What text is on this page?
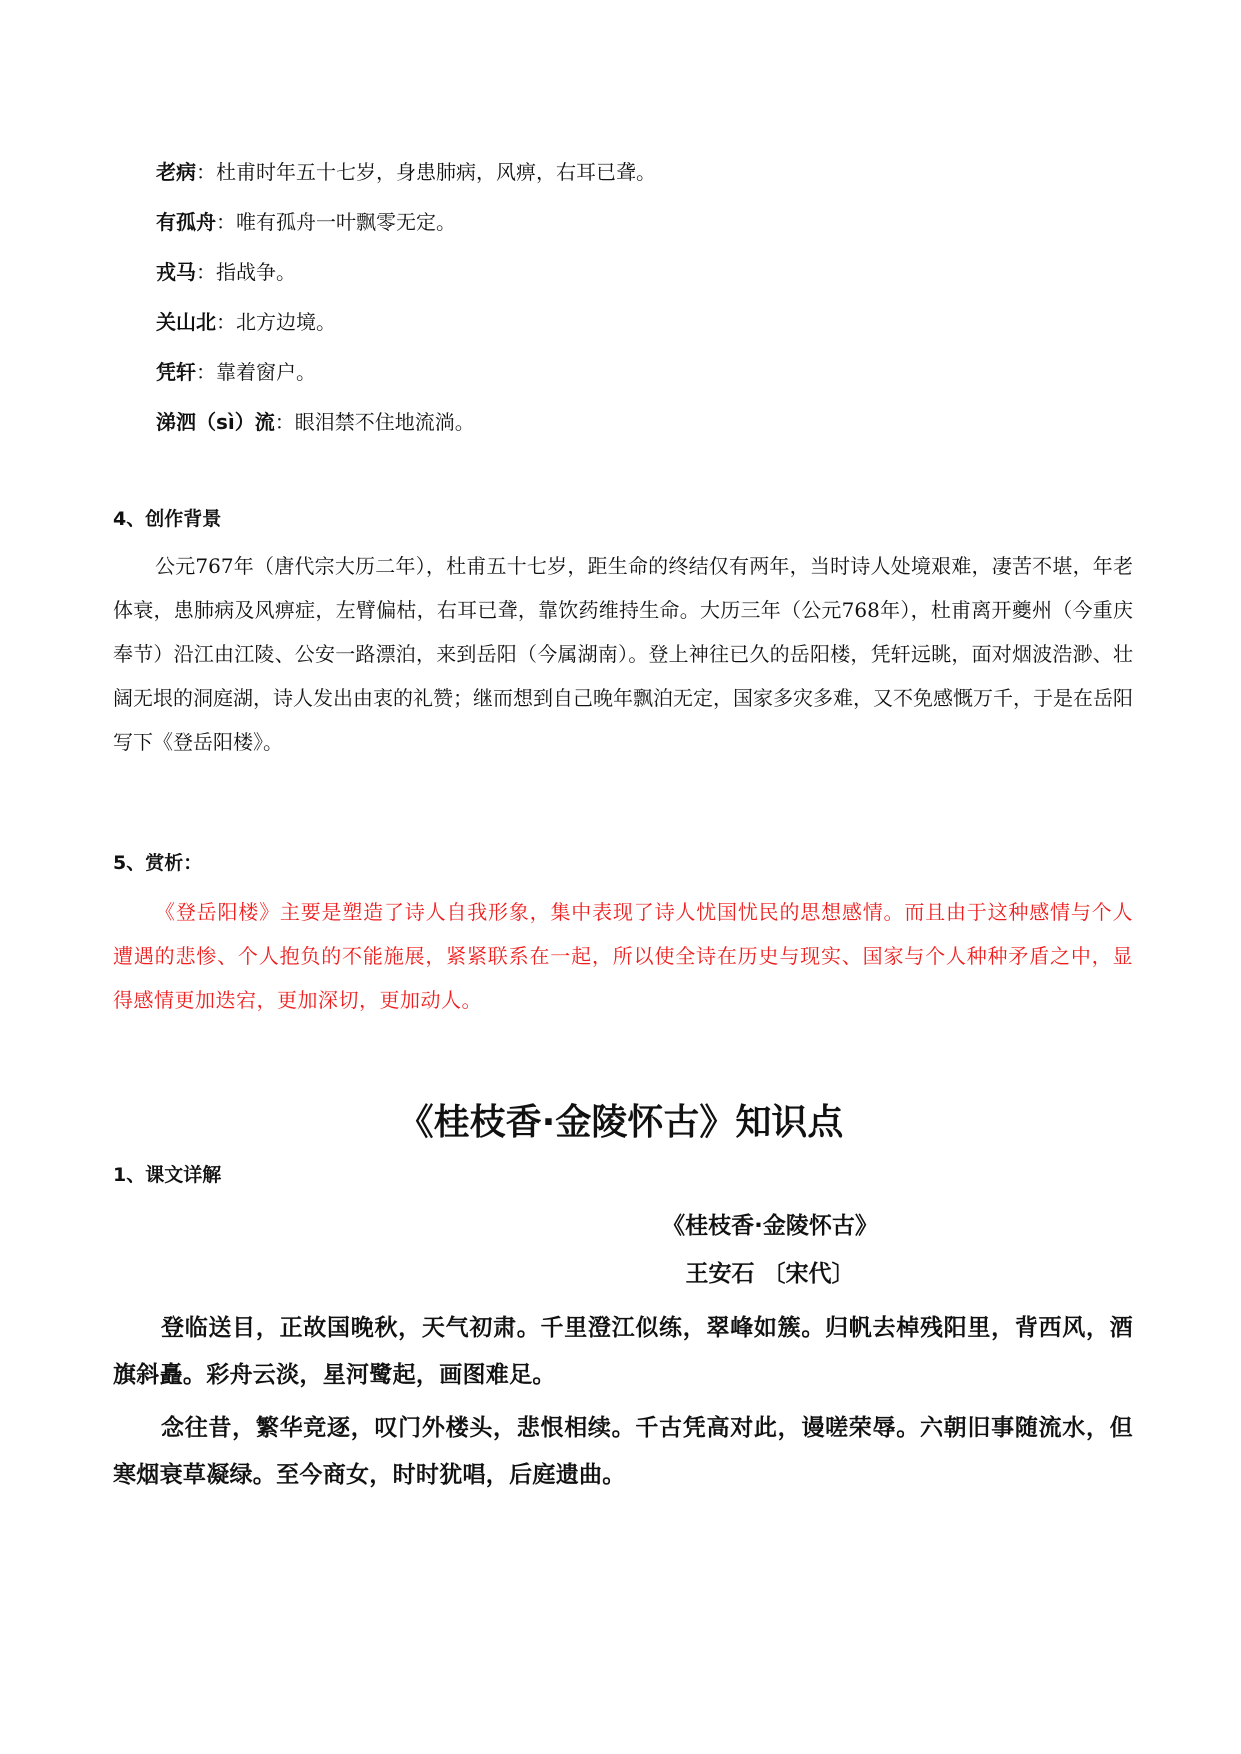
老病：杜甫时年五十七岁，身患肺病，风痹，右耳已聋。
有孤舟：唯有孤舟一叶飘零无定。
戎马：指战争。
关山北：北方边境。
凭轩：靠着窗户。
涕泗（sì）流：眼泪禁不住地流淌。
4、创作背景

公元767年（唐代宗大历二年），杜甫五十七岁，距生命的终结仅有两年，当时诗人处境艰难，凄苦不堪，年老体衰，患肺病及风痹症，左臂偏枯，右耳已聋，靠饮药维持生命。大历三年（公元768年），杜甫离开夔州（今重庆奉节）沿江由江陵、公安一路漂泊，来到岳阳（今属湖南）。登上神往已久的岳阳楼，凭轩远眺，面对烟波浩渺、壮阔无垠的洞庭湖，诗人发出由衷的礼赞；继而想到自己晚年飘泊无定，国家多灾多难，又不免感慨万千，于是在岳阳写下《登岳阳楼》。

5、赏析：

《登岳阳楼》主要是塑造了诗人自我形象，集中表现了诗人忧国忧民的思想感情。而且由于这种感情与个人遭遇的悲惨、个人抱负的不能施展，紧紧联系在一起，所以使全诗在历史与现实、国家与个人种种矛盾之中，显得感情更加迭宕，更加深切，更加动人。

《桂枝香·金陵怀古》知识点
1、课文详解
《桂枝香·金陵怀古》
王安石 〔宋代〕

登临送目，正故国晚秋，天气初肃。千里澄江似练，翠峰如簇。归帆去棹残阳里，背西风，酒旗斜矗。彩舟云淡，星河鹭起，画图难足。

念往昔，繁华竞逐，叹门外楼头，悲恨相续。千古凭高对此，谩嗟荣辱。六朝旧事随流水，但寒烟衰草凝绿。至今商女，时时犹唱，后庭遗曲。
